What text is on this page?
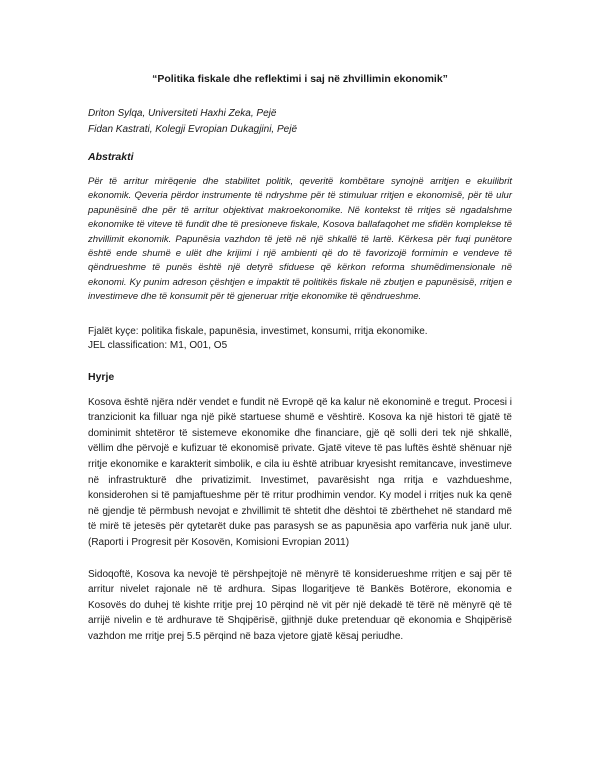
“Politika fiskale dhe reflektimi i saj në zhvillimin ekonomik”
Driton Sylqa, Universiteti Haxhi Zeka, Pejë
Fidan Kastrati, Kolegji Evropian Dukagjini, Pejë
Abstrakti
Për të arritur mirëqenie dhe stabilitet politik, qeveritë kombëtare synojnë arritjen e ekuilibrit ekonomik. Qeveria përdor instrumente të ndryshme për të stimuluar rritjen e ekonomisë, për të ulur papunësinë dhe për të arritur objektivat makroekonomike. Në kontekst të rritjes së ngadalshme ekonomike të viteve të fundit dhe të presioneve fiskale, Kosova ballafaqohet me sfidën komplekse të zhvillimit ekonomik. Papunësia vazhdon të jetë në një shkallë të lartë. Kërkesa për fuqi punëtore është ende shumë e ulët dhe krijimi i një ambienti që do të favorizojë formimin e vendeve të qëndrueshme të punës është një detyrë sfiduese që kërkon reforma shumëdimensionale në ekonomi. Ky punim adreson çështjen e impaktit të politikës fiskale në zbutjen e papunësisë, rritjen e investimeve dhe të konsumit për të gjeneruar rritje ekonomike të qëndrueshme.
Fjalët kyçe: politika fiskale, papunësia, investimet, konsumi, rritja ekonomike.
JEL classification: M1, O01, O5
Hyrje
Kosova është njëra ndër vendet e fundit në Evropë që ka kalur në ekonominë e tregut. Procesi i tranzicionit ka filluar nga një pikë startuese shumë e vështirë. Kosova ka një histori të gjatë të dominimit shtetëror të sistemeve ekonomike dhe financiare, gjë që solli deri tek një shkallë, vëllim dhe përvojë e kufizuar të ekonomisë private. Gjatë viteve të pas luftës është shënuar një rritje ekonomike e karakterit simbolik, e cila iu është atribuar kryesisht remitancave, investimeve në infrastrukturë dhe privatizimit. Investimet, pavarësisht nga rritja e vazhdueshme, konsiderohen si të pamjaftueshme për të rritur prodhimin vendor. Ky model i rritjes nuk ka qenë në gjendje të përmbush nevojat e zhvillimit të shtetit dhe dështoi të zbërthehet në standard më të mirë të jetesës për qytetarët duke pas parasysh se as papunësia apo varfëria nuk janë ulur. (Raporti i Progresit për Kosovën, Komisioni Evropian 2011)
Sidoqoftë, Kosova ka nevojë të përshpejtojë në mënyrë të konsiderueshme rritjen e saj për të arritur nivelet rajonale në të ardhura. Sipas llogaritjeve të Bankës Botërore, ekonomia e Kosovës do duhej të kishte rritje prej 10 përqind në vit për një dekadë të tërë në mënyrë që të arrijë nivelin e të ardhurave të Shqipërisë, gjithnjë duke pretenduar që ekonomia e Shqipërisë vazhdon me rritje prej 5.5 përqind në baza vjetore gjatë kësaj periudhe.
